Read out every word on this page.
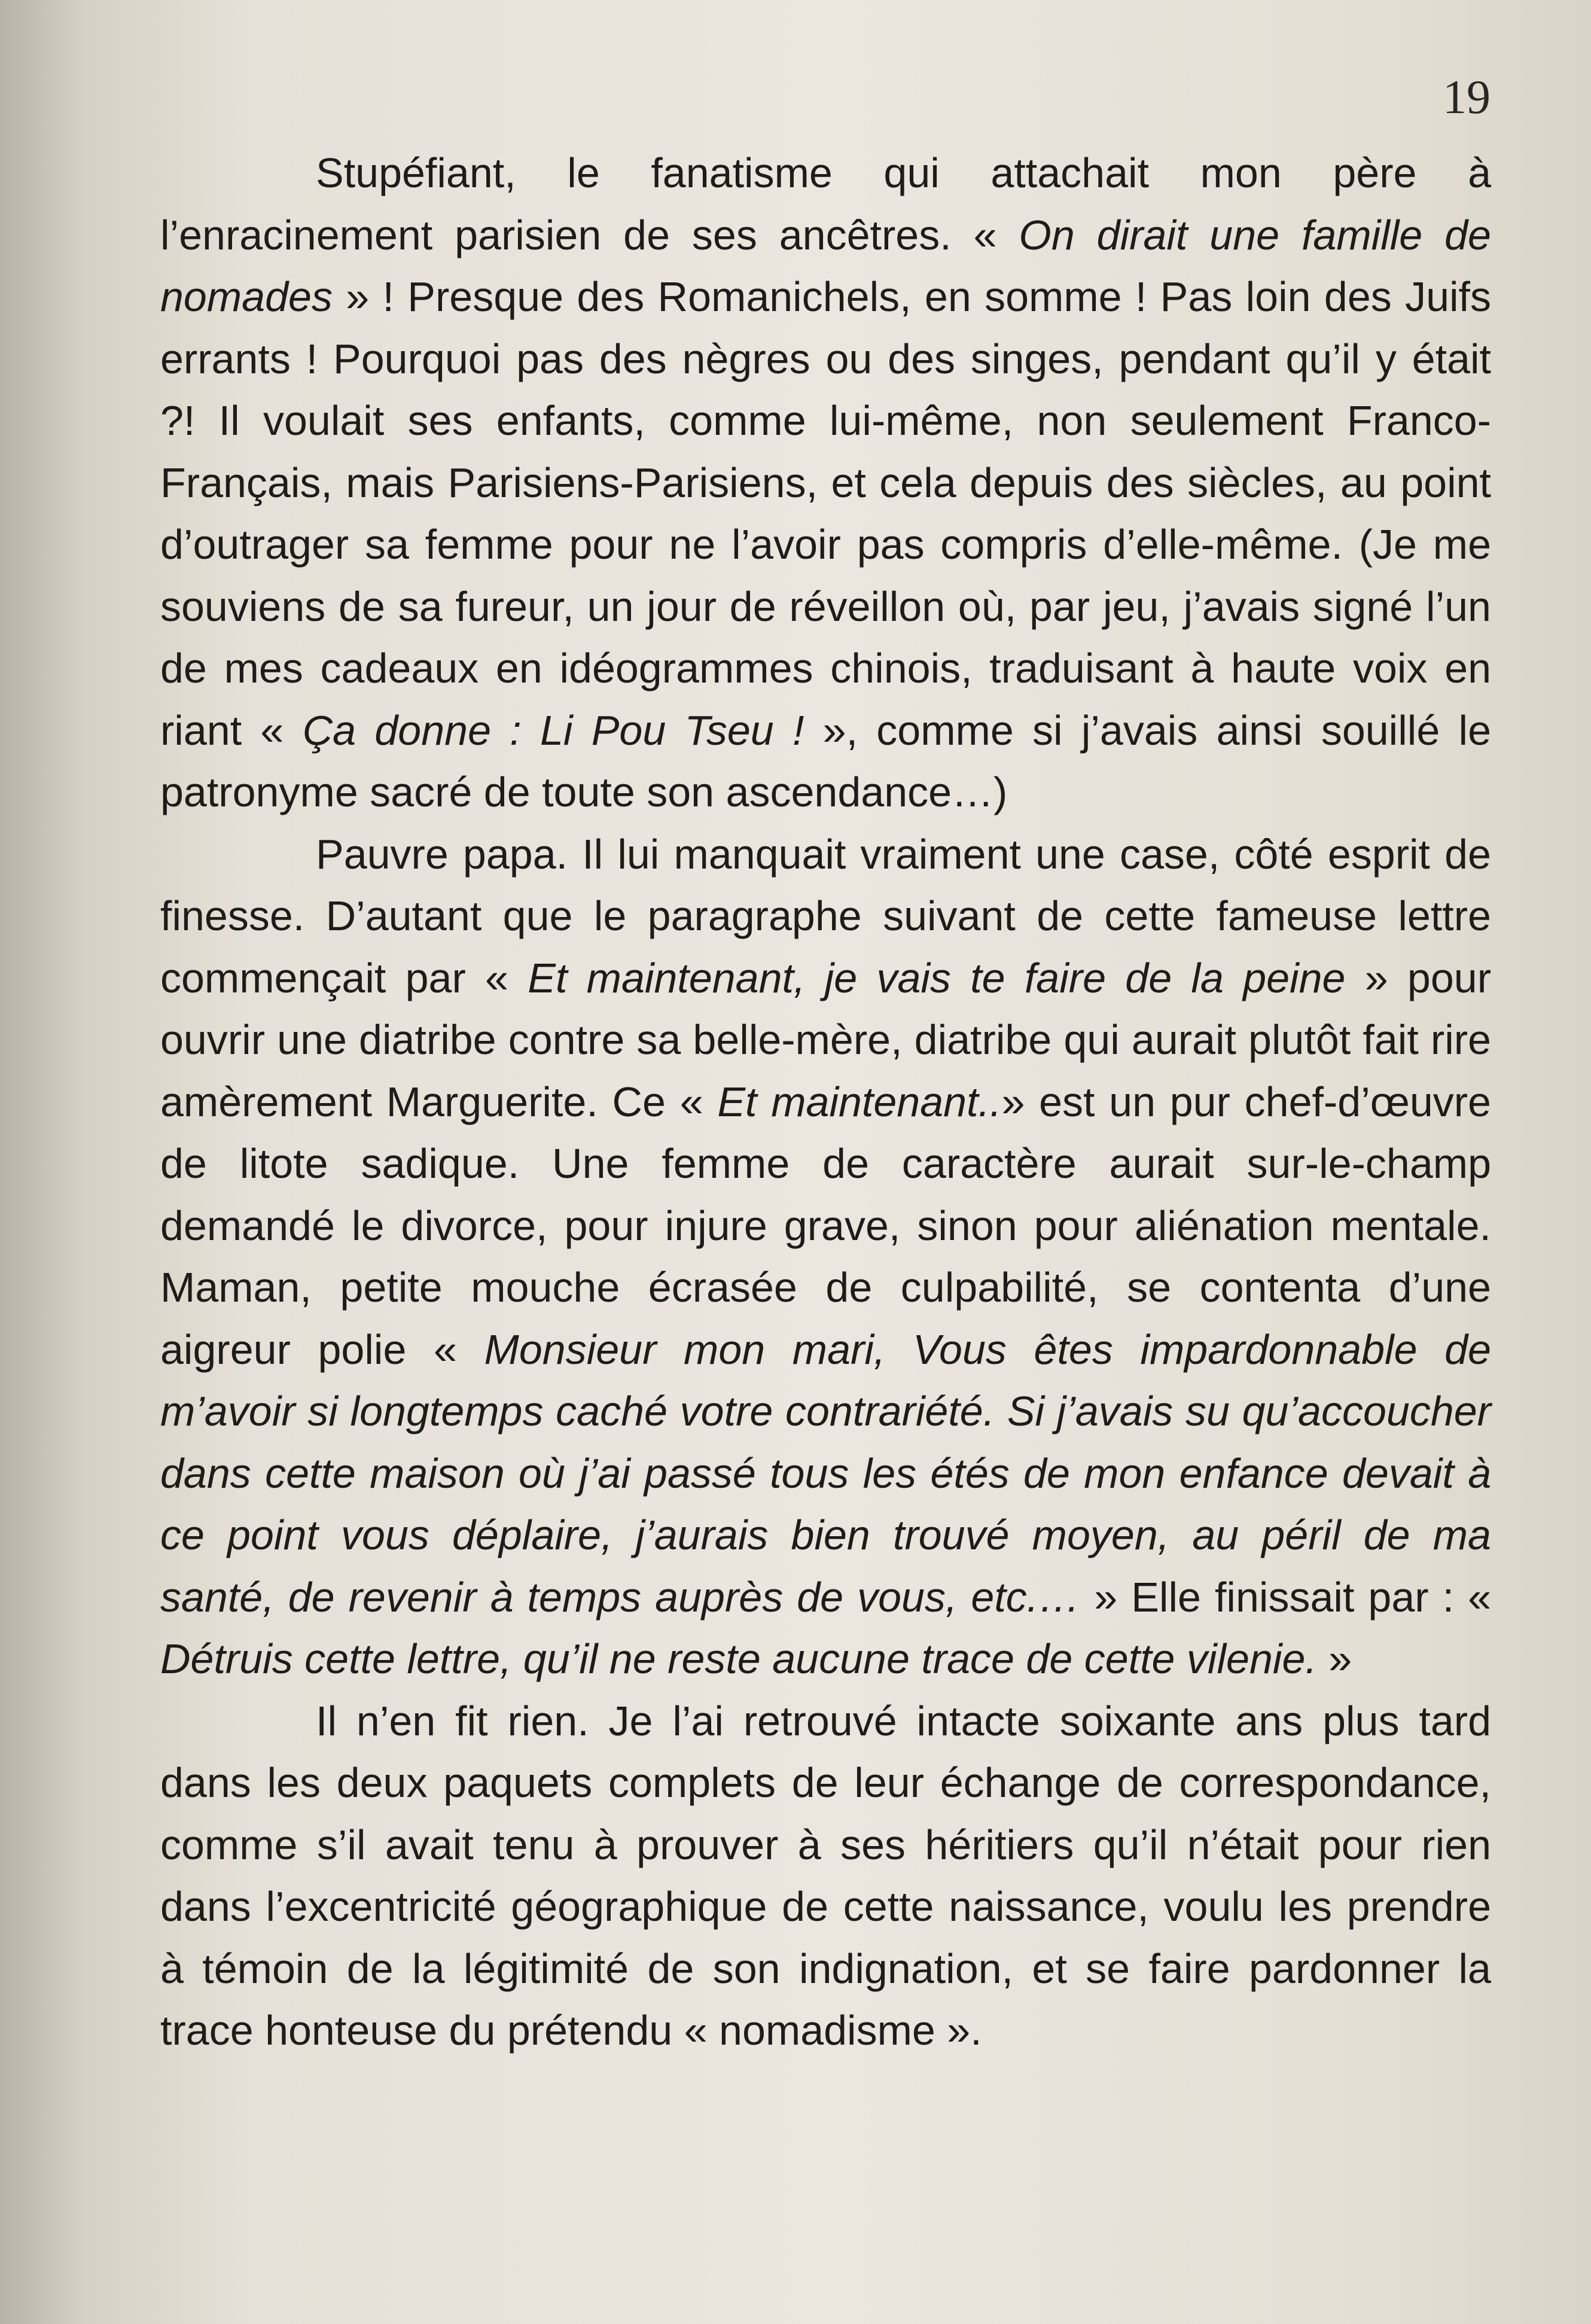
19

Stupéfiant, le fanatisme qui attachait mon père à l’enracinement parisien de ses ancêtres. « On dirait une famille de nomades » ! Presque des Romanichels, en somme ! Pas loin des Juifs errants ! Pourquoi pas des nègres ou des singes, pendant qu’il y était ?! Il voulait ses enfants, comme lui-même, non seulement Franco-Français, mais Parisiens-Parisiens, et cela depuis des siècles, au point d’outrager sa femme pour ne l’avoir pas compris d’elle-même. (Je me souviens de sa fureur, un jour de réveillon où, par jeu, j’avais signé l’un de mes cadeaux en idéogrammes chinois, traduisant à haute voix en riant « Ça donne : Li Pou Tseu ! », comme si j’avais ainsi souillé le patronyme sacré de toute son ascendance…)

Pauvre papa. Il lui manquait vraiment une case, côté esprit de finesse. D’autant que le paragraphe suivant de cette fameuse lettre commençait par « Et maintenant, je vais te faire de la peine » pour ouvrir une diatribe contre sa belle-mère, diatribe qui aurait plutôt fait rire amèrement Marguerite. Ce « Et maintenant..» est un pur chef-d’œuvre de litote sadique. Une femme de caractère aurait sur-le-champ demandé le divorce, pour injure grave, sinon pour aliénation mentale. Maman, petite mouche écrasée de culpabilité, se contenta d’une aigreur polie « Monsieur mon mari, Vous êtes impardonnable de m’avoir si longtemps caché votre contrariété. Si j’avais su qu’accoucher dans cette maison où j’ai passé tous les étés de mon enfance devait à ce point vous déplaire, j’aurais bien trouvé moyen, au péril de ma santé, de revenir à temps auprès de vous, etc.… » Elle finissait par : « Détruis cette lettre, qu’il ne reste aucune trace de cette vilenie. »

Il n’en fit rien. Je l’ai retrouvé intacte soixante ans plus tard dans les deux paquets complets de leur échange de correspondance, comme s’il avait tenu à prouver à ses héritiers qu’il n’était pour rien dans l’excentricité géographique de cette naissance, voulu les prendre à témoin de la légitimité de son indignation, et se faire pardonner la trace honteuse du prétendu « nomadisme ».
